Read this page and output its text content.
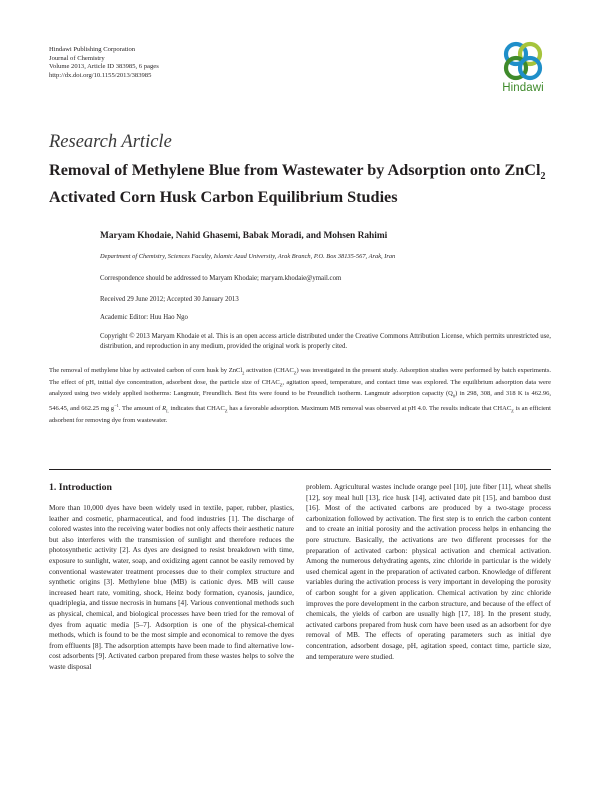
Hindawi Publishing Corporation
Journal of Chemistry
Volume 2013, Article ID 383985, 6 pages
http://dx.doi.org/10.1155/2013/383985
Hindawi
Research Article
Removal of Methylene Blue from Wastewater by Adsorption onto ZnCl$_2$ Activated Corn Husk Carbon Equilibrium Studies
Maryam Khodaie, Nahid Ghasemi, Babak Moradi, and Mohsen Rahimi
Department of Chemistry, Sciences Faculty, Islamic Azad University, Arak Branch, P.O. Box 38135-567, Arak, Iran
Correspondence should be addressed to Maryam Khodaie; maryam.khodaie@ymail.com
Received 29 June 2012; Accepted 30 January 2013
Academic Editor: Huu Hao Ngo
Copyright © 2013 Maryam Khodaie et al. This is an open access article distributed under the Creative Commons Attribution License, which permits unrestricted use, distribution, and reproduction in any medium, provided the original work is properly cited.

The removal of methylene blue by activated carbon of corn husk by ZnCl$_2$ activation $(CHAC_Z)$ was investigated in the present study. Adsorption studies were performed by batch experiments. The effect of pH, initial dye concentration, adsorbent dose, the particle size of $CHAC_Z$, agitation speed, temperature, and contact time was explored. The equilibrium adsorption data were analyzed using two widely applied isotherms: Langmuir, Freundlich. Best fits were found to be Freundlich isotherm. Langmuir adsorption capacity $(Q_0)$ in 298, 308, and 318 K is 462.96, 546.45, and 662.25 mg $g^{-1}$. The amount of $R_L$ indicates that $CHAC_Z$ has a favorable adsorption. Maximum MB removal was observed at pH 4.0. The results indicate that $CHAC_Z$ is an efficient adsorbent for removing dye from wastewater.

1. Introduction

More than 10,000 dyes have been widely used in textile, paper, rubber, plastics, leather and cosmetic, pharmaceutical, and food industries [1]. The discharge of colored wastes into the receiving water bodies not only affects their aesthetic nature but also interferes with the transmission of sunlight and therefore reduces the photosynthetic activity [2]. As dyes are designed to resist breakdown with time, exposure to sunlight, water, soap, and oxidizing agent cannot be easily removed by conventional wastewater treatment processes due to their complex structure and synthetic origins [3]. Methylene blue (MB) is cationic dyes. MB will cause increased heart rate, vomiting, shock, Heinz body formation, cyanosis, jaundice, quadriplegia, and tissue necrosis in humans [4]. Various conventional methods such as physical, chemical, and biological processes have been tried for the removal of dyes from aquatic media [5–7]. Adsorption is one of the physical-chemical methods, which is found to be the most simple and economical to remove the dyes from effluents [8]. The adsorption attempts have been made to find alternative low-cost adsorbents [9]. Activated carbon prepared from these wastes helps to solve the waste disposal

problem. Agricultural wastes include orange peel [10], jute fiber [11], wheat shells [12], soy meal hull [13], rice husk [14], activated date pit [15], and bamboo dust [16]. Most of the activated carbons are produced by a two-stage process carbonization followed by activation. The first step is to enrich the carbon content and to create an initial porosity and the activation process helps in enhancing the pore structure. Basically, the activations are two different processes for the preparation of activated carbon: physical activation and chemical activation. Among the numerous dehydrating agents, zinc chloride in particular is the widely used chemical agent in the preparation of activated carbon. Knowledge of different variables during the activation process is very important in developing the porosity of carbon sought for a given application. Chemical activation by zinc chloride improves the pore development in the carbon structure, and because of the effect of chemicals, the yields of carbon are usually high [17, 18]. In the present study, activated carbons prepared from husk corn have been used as an adsorbent for dye removal of MB. The effects of operating parameters such as initial dye concentration, adsorbent dosage, pH, agitation speed, contact time, particle size, and temperature were studied.
